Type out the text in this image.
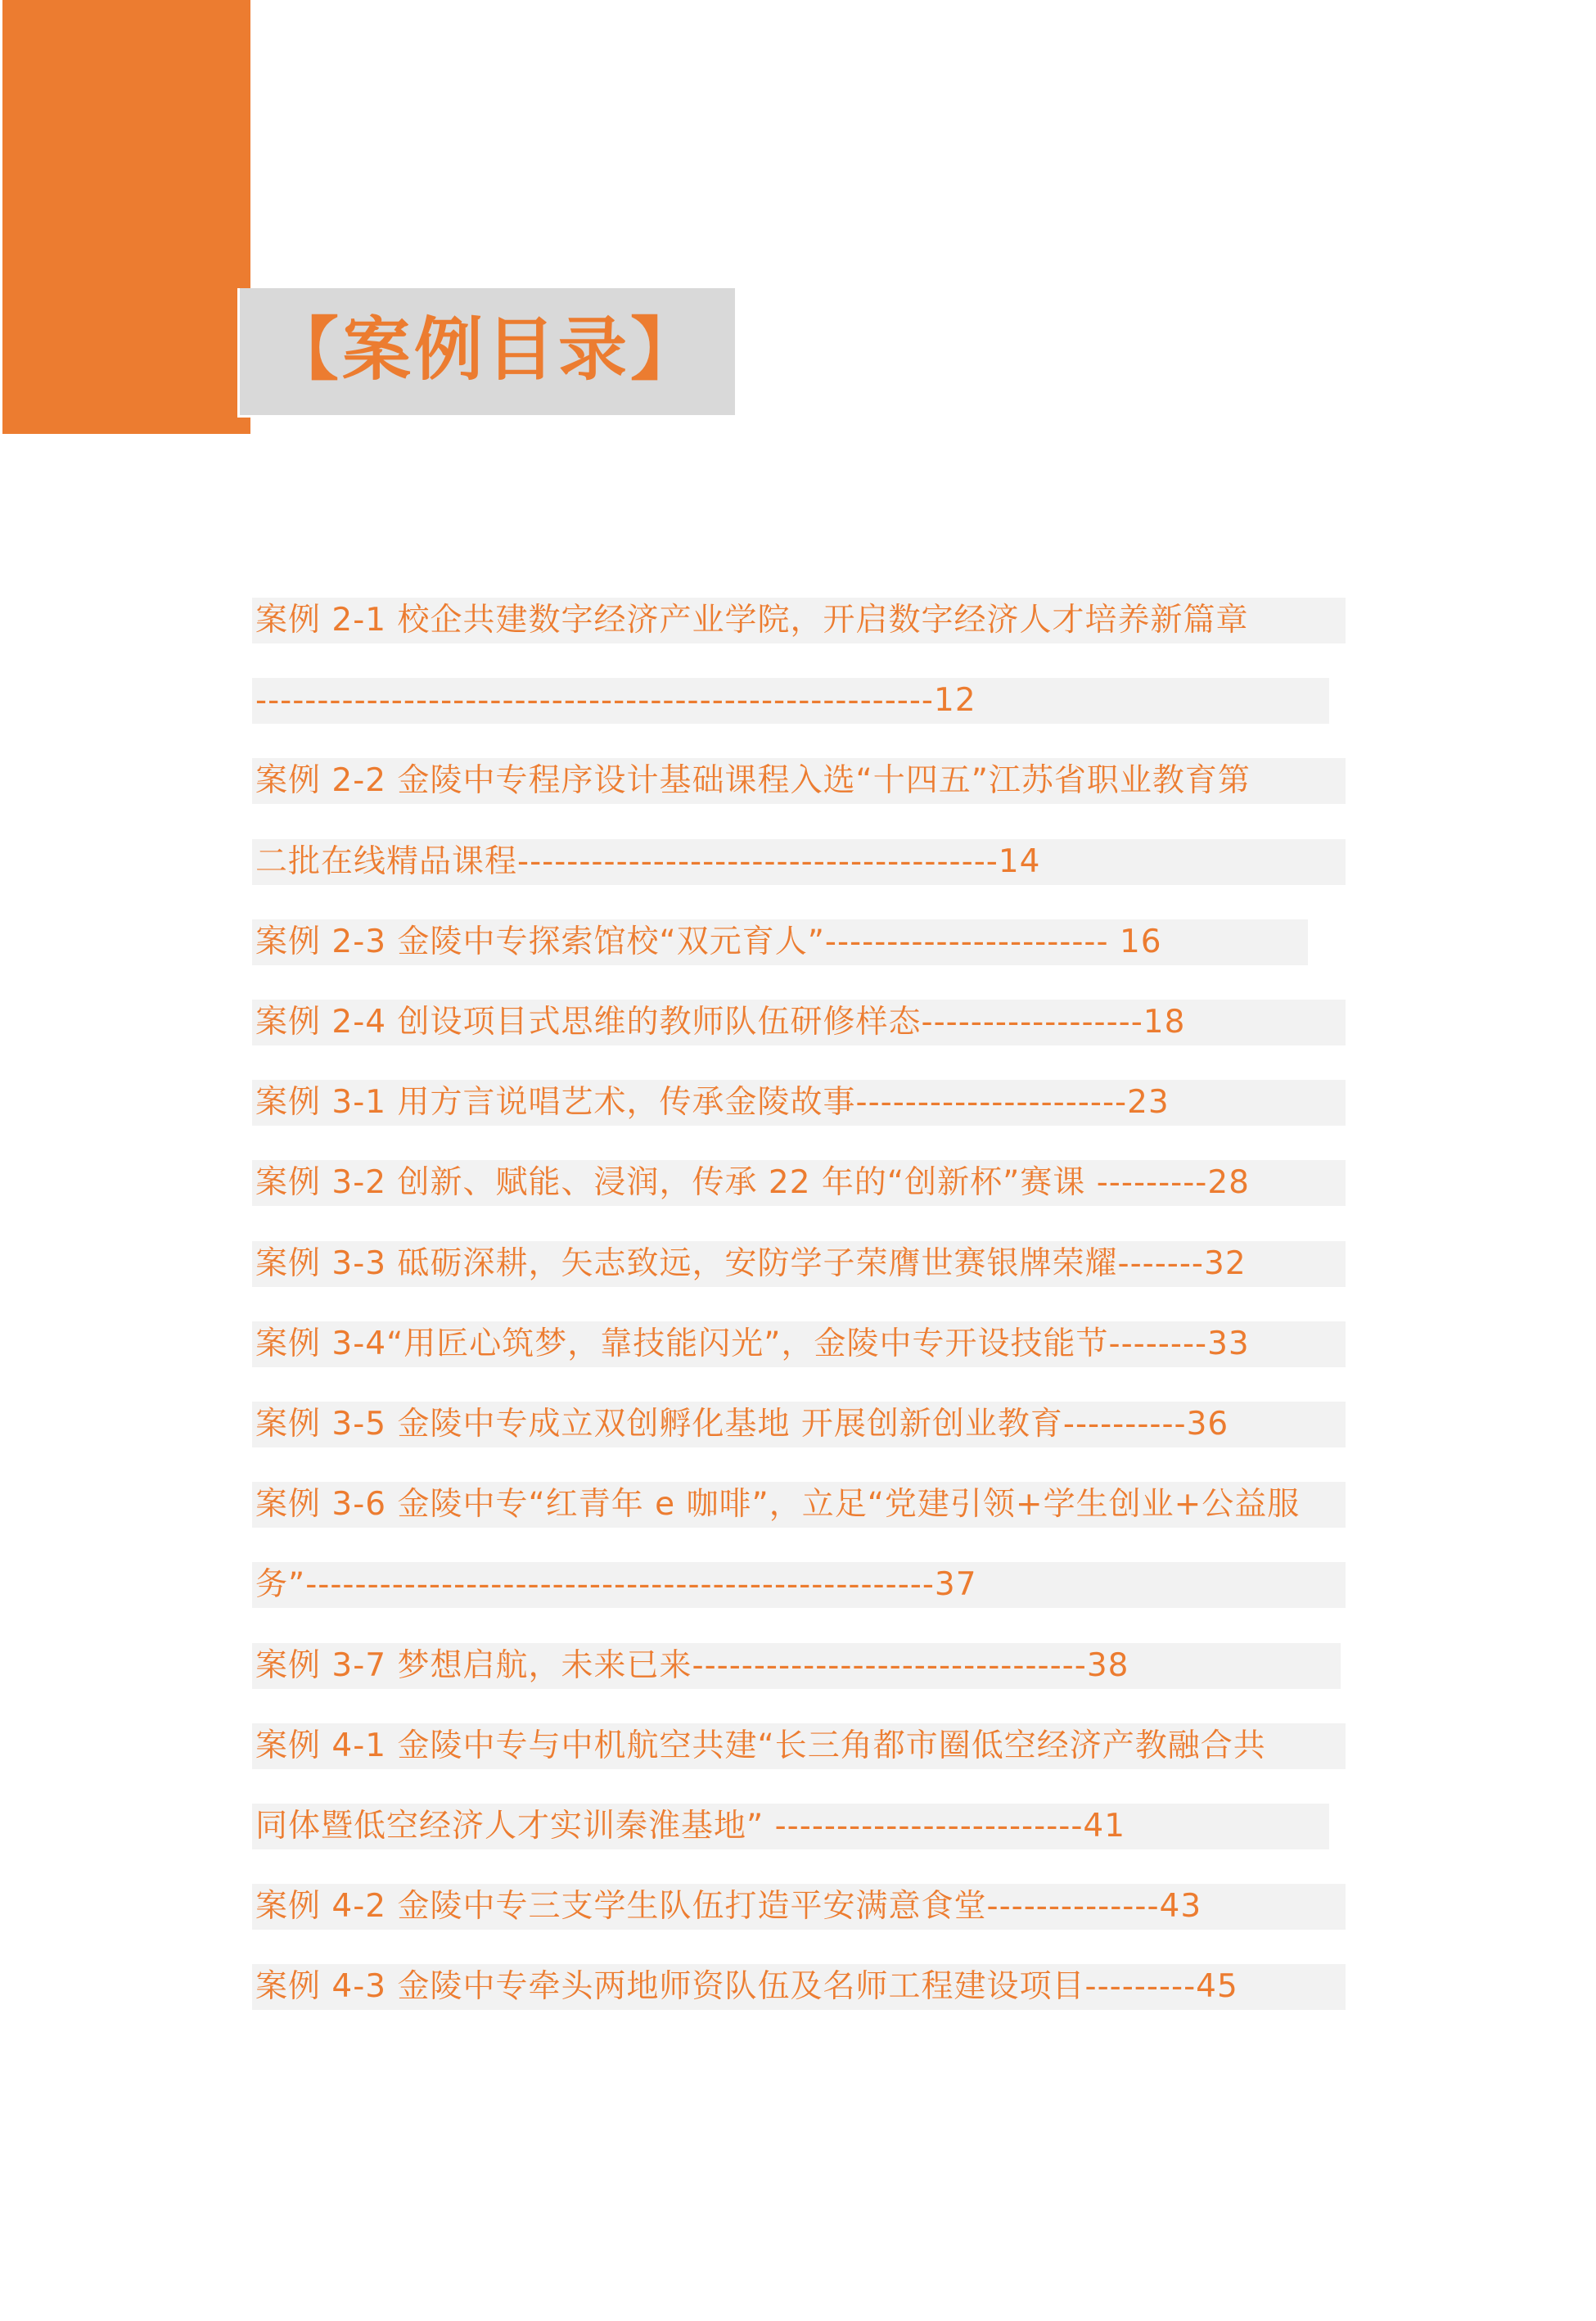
【案例目录】
案例 2-1 校企共建数字经济产业学院，开启数字经济人才培养新篇章
-------------------------------------------------------12
案例 2-2 金陵中专程序设计基础课程入选“十四五”江苏省职业教育第
二批在线精品课程---------------------------------------14
案例 2-3 金陵中专探索馆校“双元育人”----------------------- 16
案例 2-4 创设项目式思维的教师队伍研修样态------------------18
案例 3-1 用方言说唱艺术，传承金陵故事----------------------23
案例 3-2 创新、赋能、浸润，传承 22 年的“创新杯”赛课 ---------28
案例 3-3 砥砺深耕，矢志致远，安防学子荣膺世赛银牌荣耀-------32
案例 3-4“用匠心筑梦，靠技能闪光”，金陵中专开设技能节--------33
案例 3-5 金陵中专成立双创孵化基地 开展创新创业教育----------36
案例 3-6 金陵中专“红青年 e 咖啡”，立足“党建引领+学生创业+公益服
务”---------------------------------------------------37
案例 3-7 梦想启航，未来已来--------------------------------38
案例 4-1 金陵中专与中机航空共建“长三角都市圈低空经济产教融合共
同体暨低空经济人才实训秦淮基地” -------------------------41
案例 4-2 金陵中专三支学生队伍打造平安满意食堂--------------43
案例 4-3 金陵中专牵头两地师资队伍及名师工程建设项目---------45
